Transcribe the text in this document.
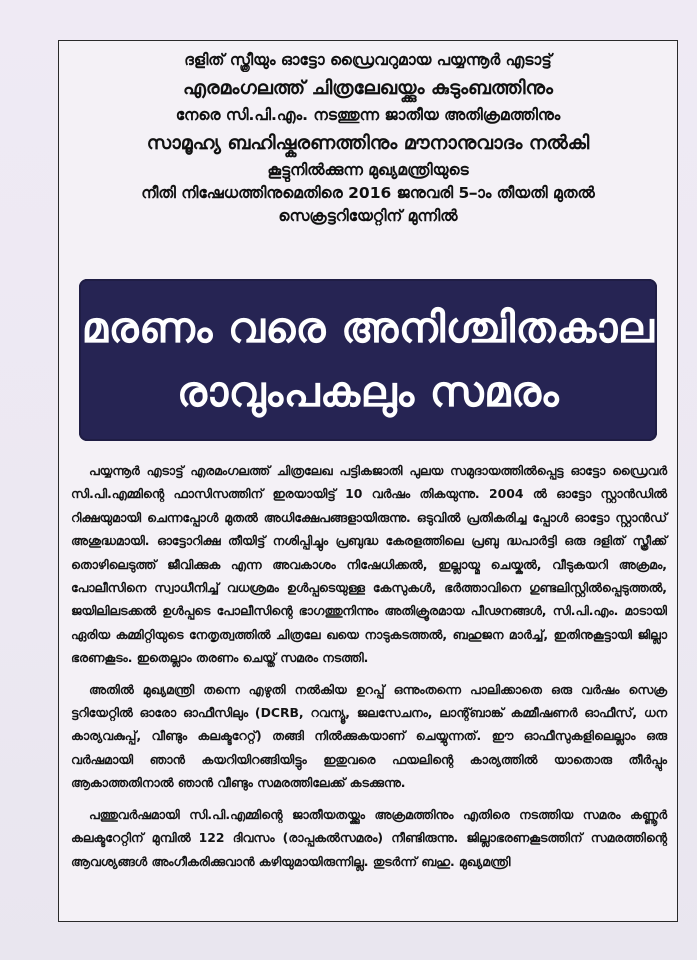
ദളിത് സ്ത്രീയും ഓട്ടോ ഡ്രൈവറുമായ പയ്യന്നൂർ എടാട്ട്
എരമംഗലത്ത് ചിത്രലേഖയ്ക്കും കുടുംബത്തിനും
നേരെ സി.പി.എം. നടത്തുന്ന ജാതീയ അതിക്രമത്തിനും
സാമൂഹ്യ ബഹിഷ്കരണത്തിനും മൗനാനുവാദം നൽകി
കൂട്ടുനിൽക്കുന്ന മുഖ്യമന്ത്രിയുടെ
നീതി നിഷേധത്തിനുമെതിരെ 2016 ജനുവരി 5–ാം തീയതി മുതൽ
സെക്രട്ടറിയേറ്റിന് മുന്നിൽ
മരണം വരെ അനിശ്ചിതകാല
രാവുംപകലും സമരം

പയ്യന്നൂർ എടാട്ട് എരമംഗലത്ത് ചിത്രലേഖ പട്ടികജാതി പുലയ സമുദായത്തിൽപ്പെട്ട ഓട്ടോ ഡ്രൈവർ സി.പി.എമ്മിന്റെ ഫാസിസത്തിന് ഇരയായിട്ട് 10 വർഷം തികയുന്നു. 2004 ൽ ഓട്ടോ സ്റ്റാൻഡിൽ റിക്ഷയുമായി ചെന്നപ്പോൾ മുതൽ അധിക്ഷേപങ്ങളായിരുന്നു. ഒടുവിൽ പ്രതികരിച്ച പ്പോൾ ഓട്ടോ സ്റ്റാൻഡ് അശുദ്ധമായി. ഓട്ടോറിക്ഷ തീയിട്ട് നശിപ്പിച്ചും പ്രബുദ്ധ കേരളത്തിലെ പ്രബു ദ്ധപാർട്ടി ഒരു ദളിത് സ്ത്രീക്ക് തൊഴിലെടുത്ത് ജീവിക്കുക എന്ന അവകാശം നിഷേധിക്കൽ, ഇല്ലായ്മ ചെയ്കൽ, വീടുകയറി അക്രമം, പോലീസിനെ സ്വാധീനിച്ച് വധശ്രമം ഉൾപ്പടെയുള്ള കേസുകൾ, ഭർത്താവിനെ ഗുണ്ടലിസ്റ്റിൽപ്പെടുത്തൽ, ജയിലിലടക്കൽ ഉൾപ്പടെ പോലീസിന്റെ ഭാഗത്തുനിന്നും അതിക്രൂരമായ പീഢനങ്ങൾ, സി.പി.എം. മാടായി ഏരിയ കമ്മിറ്റിയുടെ നേതൃത്വത്തിൽ ചിത്രലേ ഖയെ നാടുകടത്തൽ, ബഹുജന മാർച്ച്, ഇതിനുകൂട്ടായി ജില്ലാ ഭരണകൂടം. ഇതെല്ലാം തരണം ചെയ്ത് സമരം നടത്തി.

അതിൽ മുഖ്യമന്ത്രി തന്നെ എഴുതി നൽകിയ ഉറപ്പ് ഒന്നുംതന്നെ പാലിക്കാതെ ഒരു വർഷം സെക്ര ട്ടറിയേറ്റിൽ ഓരോ ഓഫീസിലും (DCRB, റവന്യൂ, ജലസേചനം, ലാന്റ്ബാങ്ക് കമ്മീഷണർ ഓഫീസ്, ധന കാര്യവകുപ്പ്, വീണ്ടും കലക്ടറേറ്റ്) തങ്ങി നിൽക്കുകയാണ് ചെയ്യുന്നത്. ഈ ഓഫീസുകളിലെല്ലാം ഒരു വർഷമായി ഞാൻ കയറിയിറങ്ങിയിട്ടും ഇതുവരെ ഫയലിന്റെ കാര്യത്തിൽ യാതൊരു തീർപ്പും ആകാത്തതിനാൽ ഞാൻ വീണ്ടും സമരത്തിലേക്ക് കടക്കുന്നു.

പത്തുവർഷമായി സി.പി.എമ്മിന്റെ ജാതീയതയ്ക്കും അക്രമത്തിനും എതിരെ നടത്തിയ സമരം കണ്ണൂർ കലക്ടറേറ്റിന് മുമ്പിൽ 122 ദിവസം (രാപ്പകൽസമരം) നീണ്ടിരുന്നു. ജില്ലാഭരണകൂടത്തിന് സമരത്തിന്റെ ആവശ്യങ്ങൾ അംഗീകരിക്കുവാൻ കഴിയുമായിരുന്നില്ല. തുടർന്ന് ബഹു. മുഖ്യമന്ത്രി
